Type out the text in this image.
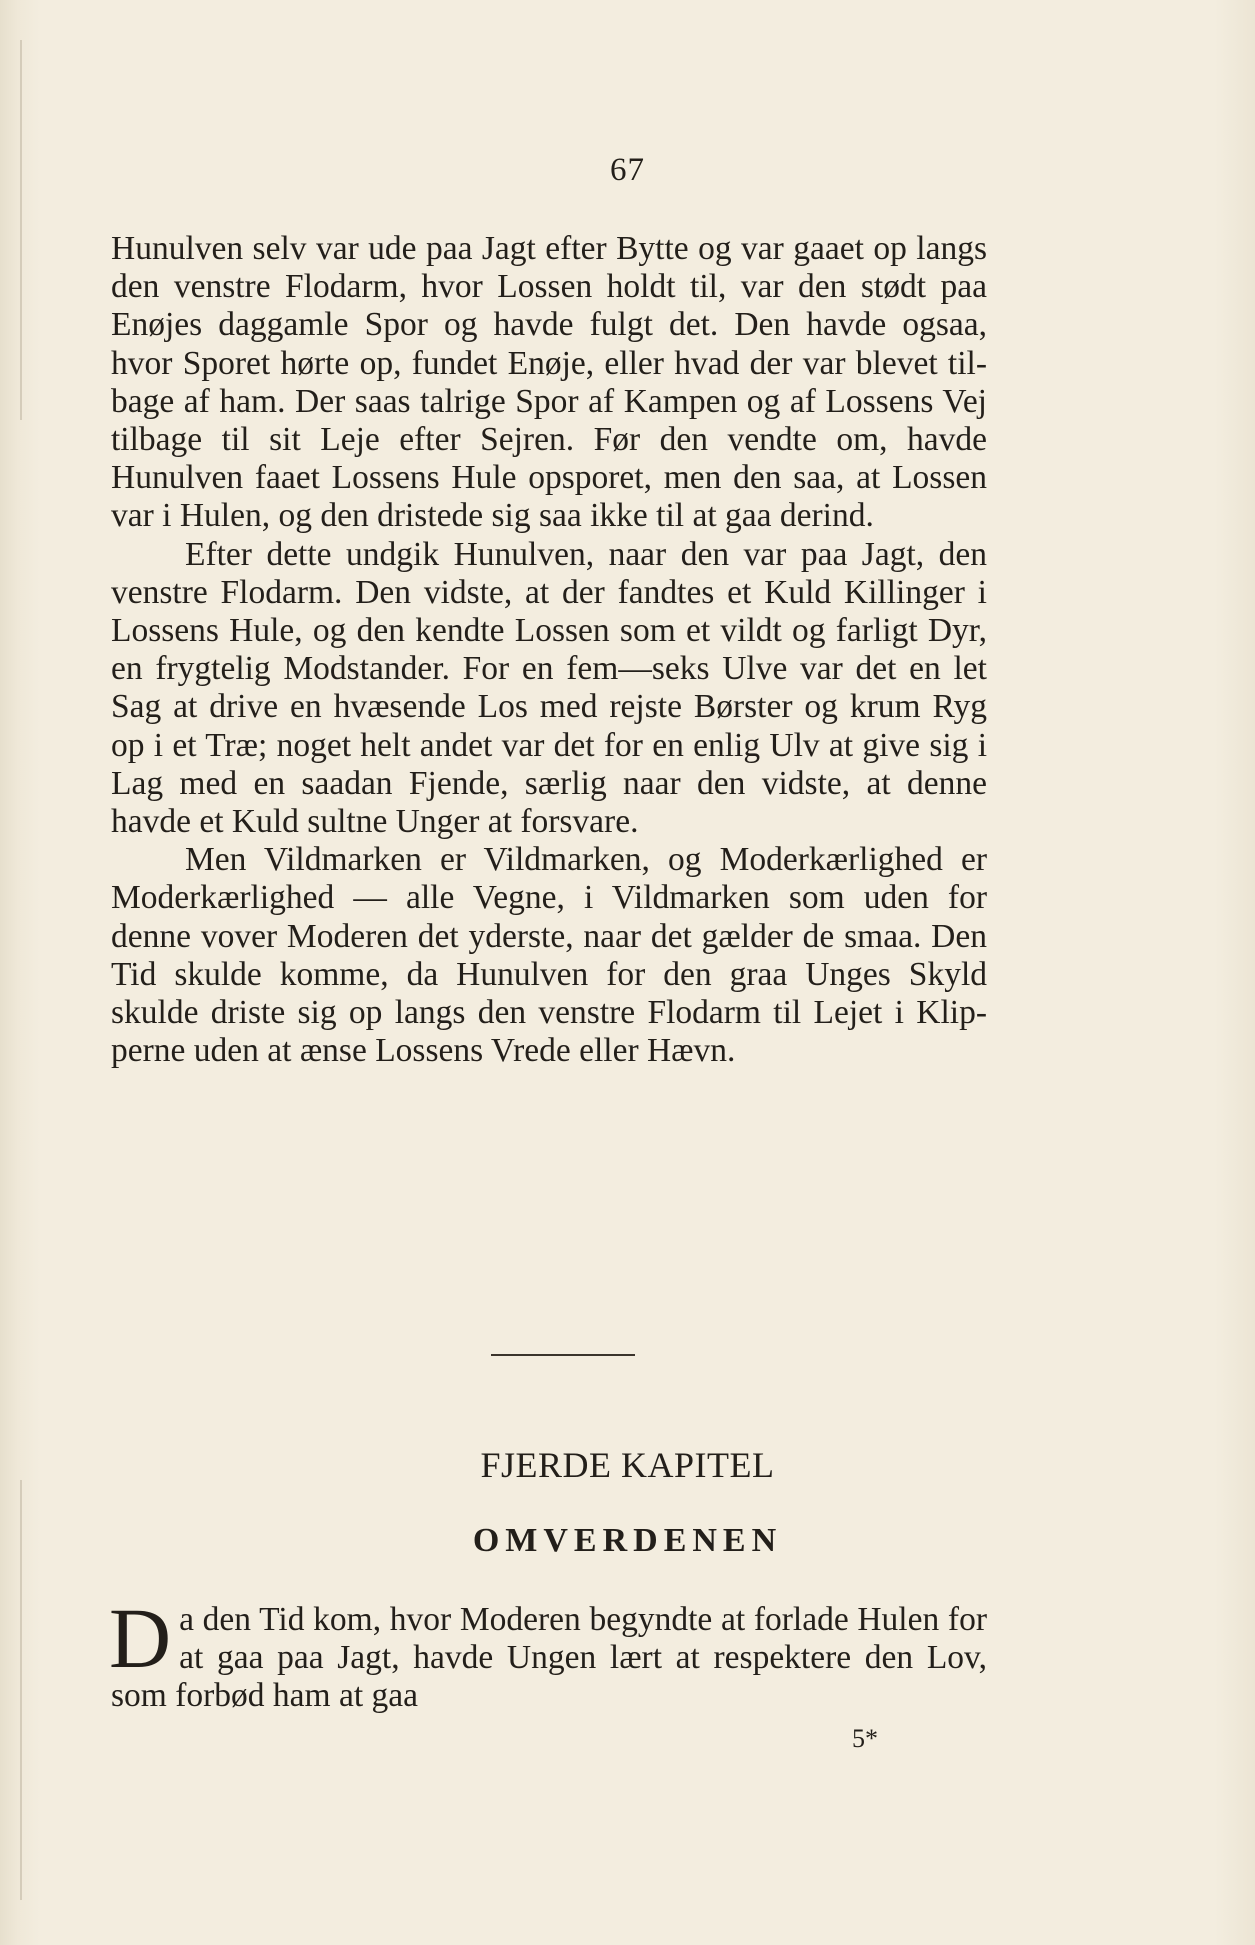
67

Hunulven selv var ude paa Jagt efter Bytte og var gaaet op langs den venstre Flodarm, hvor Lossen holdt til, var den stødt paa Enøjes daggamle Spor og havde fulgt det. Den havde ogsaa, hvor Sporet hørte op, fundet Enøje, eller hvad der var blevet tilbage af ham. Der saas talrige Spor af Kampen og af Lossens Vej tilbage til sit Leje efter Sejren. Før den vendte om, havde Hunulven faaet Lossens Hule opsporet, men den saa, at Lossen var i Hulen, og den dristede sig saa ikke til at gaa derind.

Efter dette undgik Hunulven, naar den var paa Jagt, den venstre Flodarm. Den vidste, at der fandtes et Kuld Killinger i Lossens Hule, og den kendte Lossen som et vildt og farligt Dyr, en frygtelig Modstander. For en fem—seks Ulve var det en let Sag at drive en hvæsende Los med rejste Børster og krum Ryg op i et Træ; noget helt andet var det for en enlig Ulv at give sig i Lag med en saadan Fjende, særlig naar den vidste, at denne havde et Kuld sultne Unger at forsvare.

Men Vildmarken er Vildmarken, og Moderkærlighed er Moderkærlighed — alle Vegne, i Vildmarken som uden for denne vover Moderen det yderste, naar det gælder de smaa. Den Tid skulde komme, da Hunulven for den graa Unges Skyld skulde driste sig op langs den venstre Flodarm til Lejet i Klipperne uden at ænse Lossens Vrede eller Hævn.

FJERDE KAPITEL
OMVERDENEN

Da den Tid kom, hvor Moderen begyndte at forlade Hulen for at gaa paa Jagt, havde Ungen lært at respektere den Lov, som forbød ham at gaa

5*
